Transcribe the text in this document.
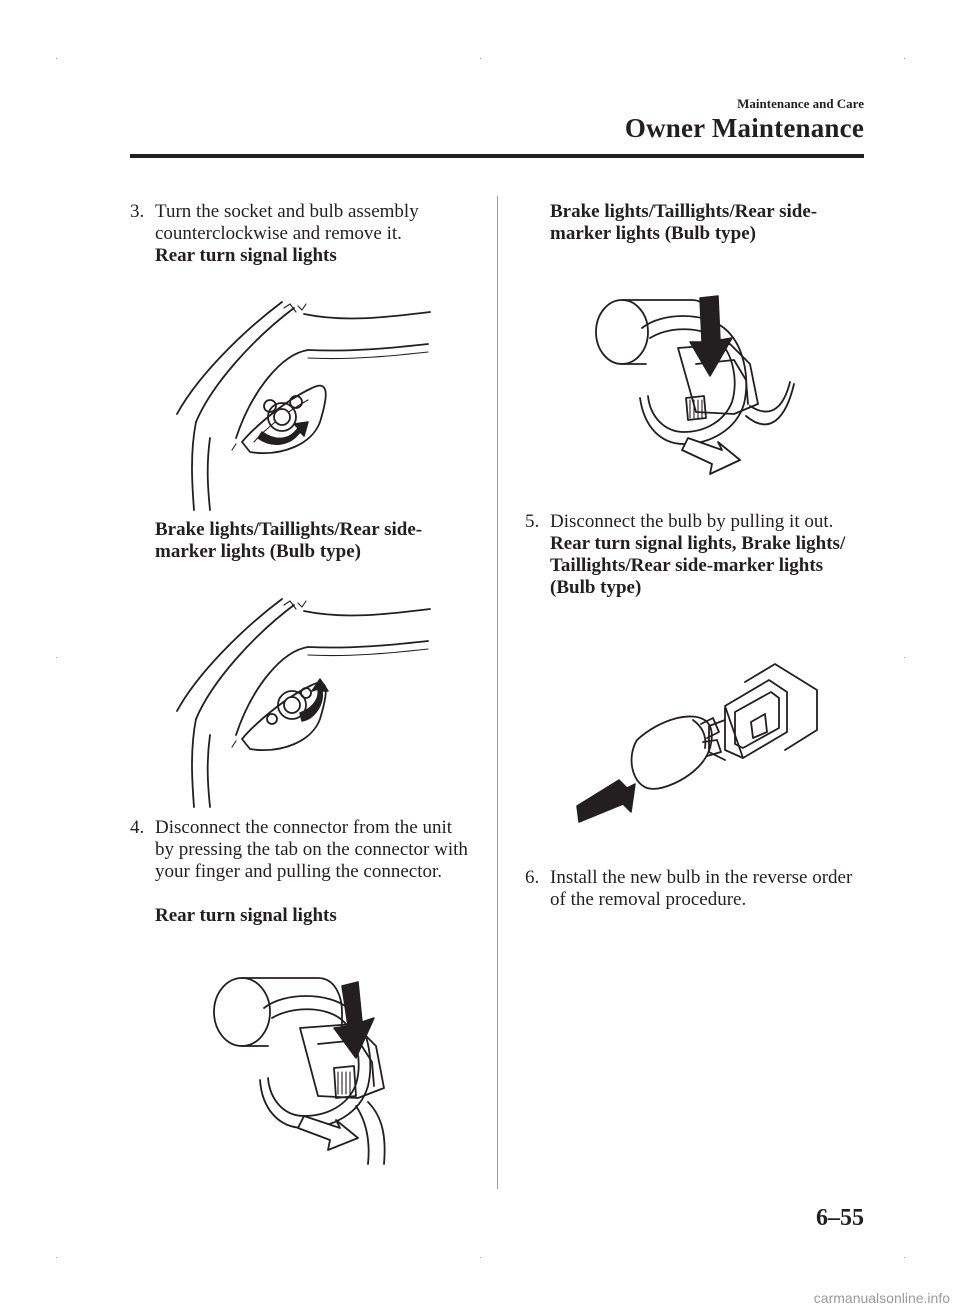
Maintenance and Care
Owner Maintenance
3. Turn the socket and bulb assembly counterclockwise and remove it.
Rear turn signal lights
Brake lights/Taillights/Rear side-
marker lights (Bulb type)
4. Disconnect the connector from the unit by pressing the tab on the connector with your finger and pulling the connector.
Rear turn signal lights
Brake lights/Taillights/Rear side-
marker lights (Bulb type)
5. Disconnect the bulb by pulling it out.
Rear turn signal lights, Brake lights/
Taillights/Rear side-marker lights
(Bulb type)
6. Install the new bulb in the reverse order of the removal procedure.
6–55
carmanualsonline.info
